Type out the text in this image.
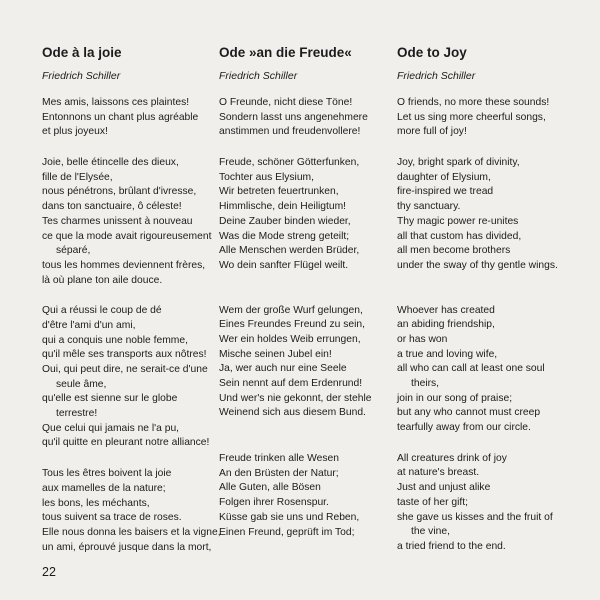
Ode à la joie
Friedrich Schiller
Mes amis, laissons ces plaintes!
Entonnons un chant plus agréable
et plus joyeux!
Joie, belle étincelle des dieux,
fille de l'Elysée,
nous pénétrons, brûlant d'ivresse,
dans ton sanctuaire, ô céleste!
Tes charmes unissent à nouveau
ce que la mode avait rigoureusement
séparé,
tous les hommes deviennent frères,
là où plane ton aile douce.
Qui a réussi le coup de dé
d'être l'ami d'un ami,
qui a conquis une noble femme,
qu'il mêle ses transports aux nôtres!
Oui, qui peut dire, ne serait-ce d'une
seule âme,
qu'elle est sienne sur le globe
terrestre!
Que celui qui jamais ne l'a pu,
qu'il quitte en pleurant notre alliance!
Tous les êtres boivent la joie
aux mamelles de la nature;
les bons, les méchants,
tous suivent sa trace de roses.
Elle nous donna les baisers et la vigne,
un ami, éprouvé jusque dans la mort,
Ode »an die Freude«
Friedrich Schiller
O Freunde, nicht diese Töne!
Sondern lasst uns angenehmere
anstimmen und freudenvollere!
Freude, schöner Götterfunken,
Tochter aus Elysium,
Wir betreten feuertrunken,
Himmlische, dein Heiligtum!
Deine Zauber binden wieder,
Was die Mode streng geteilt;
Alle Menschen werden Brüder,
Wo dein sanfter Flügel weilt.
Wem der große Wurf gelungen,
Eines Freundes Freund zu sein,
Wer ein holdes Weib errungen,
Mische seinen Jubel ein!
Ja, wer auch nur eine Seele
Sein nennt auf dem Erdenrund!
Und wer's nie gekonnt, der stehle
Weinend sich aus diesem Bund.
Freude trinken alle Wesen
An den Brüsten der Natur;
Alle Guten, alle Bösen
Folgen ihrer Rosenspur.
Küsse gab sie uns und Reben,
Einen Freund, geprüft im Tod;
Ode to Joy
Friedrich Schiller
O friends, no more these sounds!
Let us sing more cheerful songs,
more full of joy!
Joy, bright spark of divinity,
daughter of Elysium,
fire-inspired we tread
thy sanctuary.
Thy magic power re-unites
all that custom has divided,
all men become brothers
under the sway of thy gentle wings.
Whoever has created
an abiding friendship,
or has won
a true and loving wife,
all who can call at least one soul
theirs,
join in our song of praise;
but any who cannot must creep
tearfully away from our circle.
All creatures drink of joy
at nature's breast.
Just and unjust alike
taste of her gift;
she gave us kisses and the fruit of
the vine,
a tried friend to the end.
22
